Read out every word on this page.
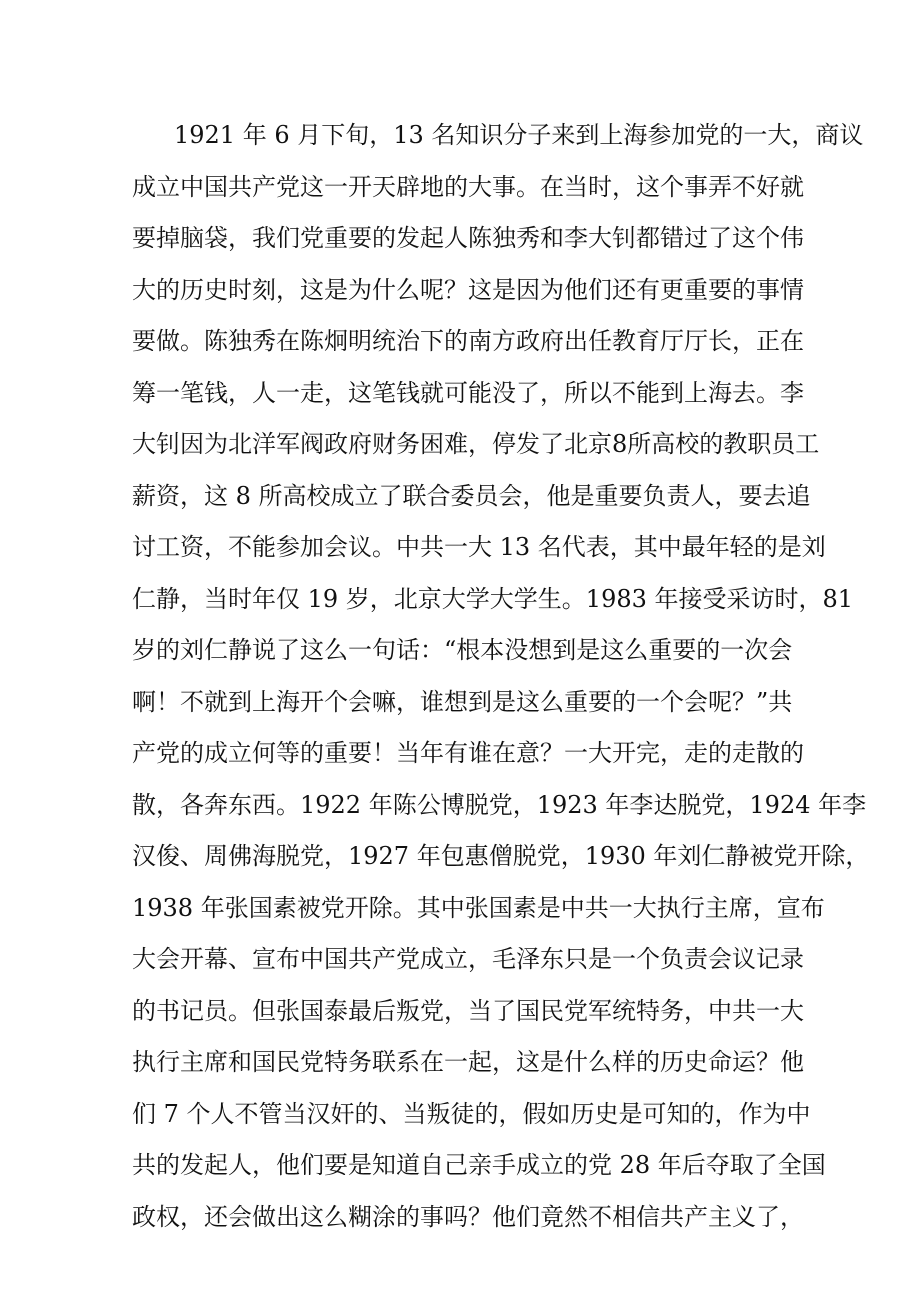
1921 年 6 月下旬，13 名知识分子来到上海参加党的一大，商议
成立中国共产党这一开天辟地的大事。在当时，这个事弄不好就
要掉脑袋，我们党重要的发起人陈独秀和李大钊都错过了这个伟
大的历史时刻，这是为什么呢？这是因为他们还有更重要的事情
要做。陈独秀在陈炯明统治下的南方政府出任教育厅厅长，正在
筹一笔钱，人一走，这笔钱就可能没了，所以不能到上海去。李
大钊因为北洋军阀政府财务困难，停发了北京8所高校的教职员工
薪资，这 8 所高校成立了联合委员会，他是重要负责人，要去追
讨工资，不能参加会议。中共一大 13 名代表，其中最年轻的是刘
仁静，当时年仅 19 岁，北京大学大学生。1983 年接受采访时，81
岁的刘仁静说了这么一句话：“根本没想到是这么重要的一次会
啊！不就到上海开个会嘛，谁想到是这么重要的一个会呢？”共
产党的成立何等的重要！当年有谁在意？一大开完，走的走散的
散，各奔东西。1922 年陈公博脱党，1923 年李达脱党，1924 年李
汉俊、周佛海脱党，1927 年包惠僧脱党，1930 年刘仁静被党开除，
1938 年张国素被党开除。其中张国素是中共一大执行主席，宣布
大会开幕、宣布中国共产党成立，毛泽东只是一个负责会议记录
的书记员。但张国泰最后叛党，当了国民党军统特务，中共一大
执行主席和国民党特务联系在一起，这是什么样的历史命运？他
们 7 个人不管当汉奸的、当叛徒的，假如历史是可知的，作为中
共的发起人，他们要是知道自己亲手成立的党 28 年后夺取了全国
政权，还会做出这么糊涂的事吗？他们竟然不相信共产主义了，
